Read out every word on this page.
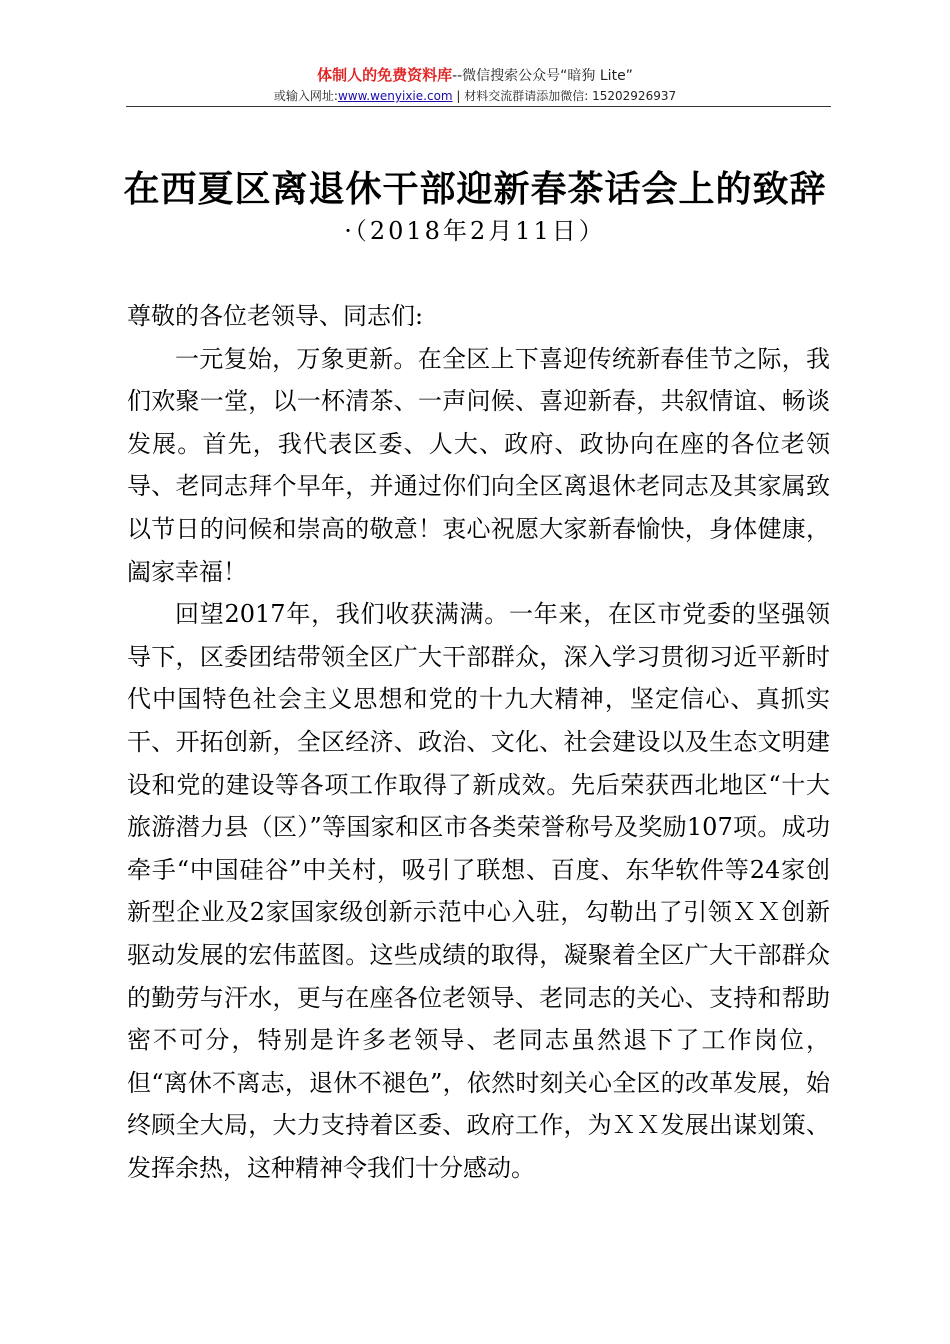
体制人的免费资料库--微信搜索公众号“暗狗 Lite”
或输入网址:www.wenyixie.com | 材料交流群请添加微信: 15202926937
在西夏区离退休干部迎新春茶话会上的致辞
·（2018年2月11日）

尊敬的各位老领导、同志们:

一元复始，万象更新。在全区上下喜迎传统新春佳节之际，我们欢聚一堂，以一杯清茶、一声问候、喜迎新春，共叙情谊、畅谈发展。首先，我代表区委、人大、政府、政协向在座的各位老领导、老同志拜个早年，并通过你们向全区离退休老同志及其家属致以节日的问候和崇高的敬意！衷心祝愿大家新春愉快，身体健康，阖家幸福！

回望2017年，我们收获满满。一年来，在区市党委的坚强领导下，区委团结带领全区广大干部群众，深入学习贯彻习近平新时代中国特色社会主义思想和党的十九大精神，坚定信心、真抓实干、开拓创新，全区经济、政治、文化、社会建设以及生态文明建设和党的建设等各项工作取得了新成效。先后荣获西北地区“十大旅游潜力县（区）”等国家和区市各类荣誉称号及奖励107项。成功牵手“中国硅谷”中关村，吸引了联想、百度、东华软件等24家创新型企业及2家国家级创新示范中心入驻，勾勒出了引领ＸＸ创新驱动发展的宏伟蓝图。这些成绩的取得，凝聚着全区广大干部群众的勤劳与汗水，更与在座各位老领导、老同志的关心、支持和帮助密不可分，特别是许多老领导、老同志虽然退下了工作岗位，但“离休不离志，退休不褪色”，依然时刻关心全区的改革发展，始终顾全大局，大力支持着区委、政府工作，为ＸＸ发展出谋划策、发挥余热，这种精神令我们十分感动。
